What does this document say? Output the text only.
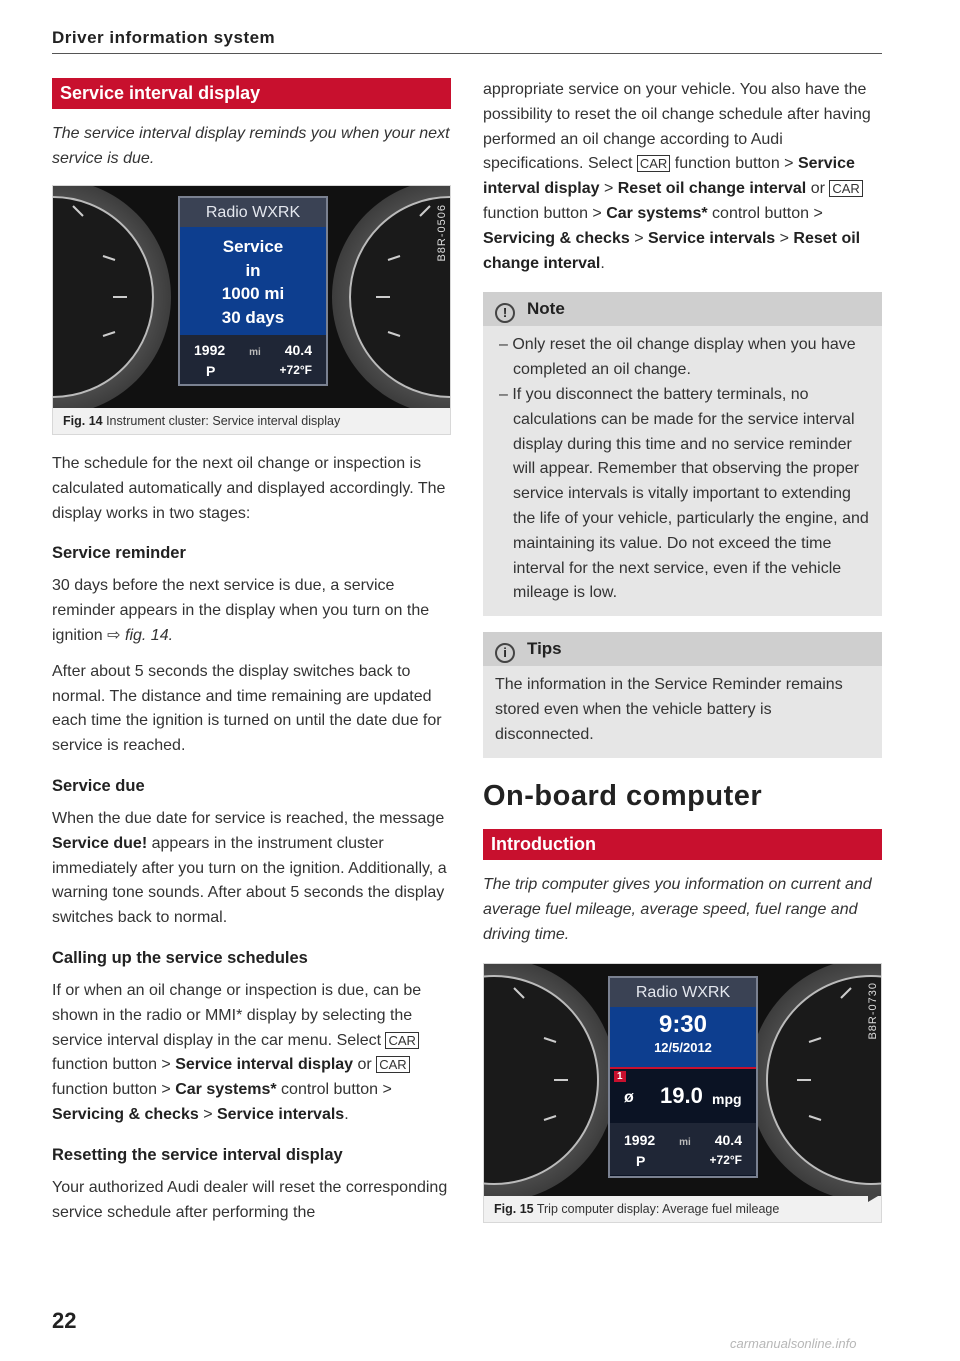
Driver information system
Service interval display
The service interval display reminds you when your next service is due.
B8R-0506
Radio WXRK
Service
in
1000 mi
30 days
1992 mi 40.4
P	+72°F
Fig. 14 Instrument cluster: Service interval display
The schedule for the next oil change or inspection is calculated automatically and displayed accordingly. The display works in two stages:
Service reminder
30 days before the next service is due, a service reminder appears in the display when you turn on the ignition ⇨ fig. 14.
After about 5 seconds the display switches back to normal. The distance and time remaining are updated each time the ignition is turned on until the date due for service is reached.
Service due
When the due date for service is reached, the message Service due! appears in the instrument cluster immediately after you turn on the ignition. Additionally, a warning tone sounds. After about 5 seconds the display switches back to normal.
Calling up the service schedules
If or when an oil change or inspection is due, can be shown in the radio or MMI* display by selecting the service interval display in the car menu. Select CAR function button > Service interval display or CAR function button > Car systems* control button > Servicing & checks > Service intervals.
Resetting the service interval display
Your authorized Audi dealer will reset the corresponding service schedule after performing the
appropriate service on your vehicle. You also have the possibility to reset the oil change schedule after having performed an oil change according to Audi specifications. Select CAR function button > Service interval display > Reset oil change interval or CAR function button > Car systems* control button > Servicing & checks > Service intervals > Reset oil change interval.
! Note
– Only reset the oil change display when you have completed an oil change.
– If you disconnect the battery terminals, no calculations can be made for the service interval display during this time and no service reminder will appear. Remember that observing the proper service intervals is vitally important to extending the life of your vehicle, particularly the engine, and maintaining its value. Do not exceed the time interval for the next service, even if the vehicle mileage is low.
i Tips
The information in the Service Reminder remains stored even when the vehicle battery is disconnected.
On-board computer
Introduction
The trip computer gives you information on current and average fuel mileage, average speed, fuel range and driving time.
B8R-0730
Radio WXRK
9:30
12/5/2012
1
ø 19.0 mpg
1992 mi 40.4
P	+72°F
Fig. 15 Trip computer display: Average fuel mileage
22
carmanualsonline.info
